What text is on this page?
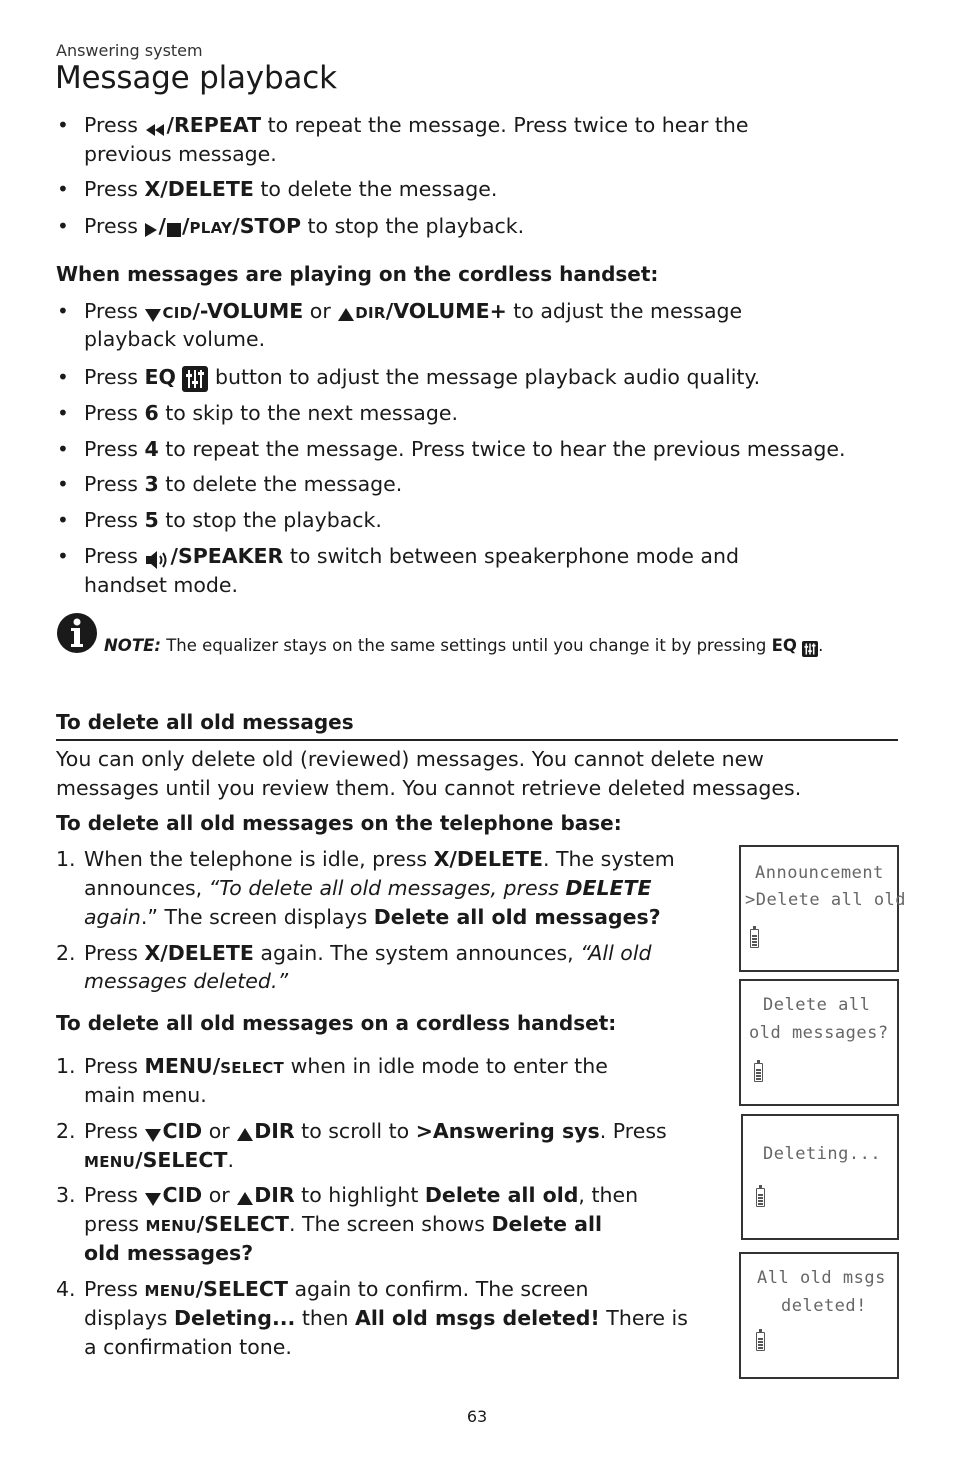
Answering system
Message playback
• Press /REPEAT to repeat the message. Press twice to hear the
previous message.
• Press X/DELETE to delete the message.
• Press / /PLAY/STOP to stop the playback.
When messages are playing on the cordless handset:
• Press CID/-VOLUME or DIR/VOLUME+ to adjust the message
playback volume.
• Press EQ  button to adjust the message playback audio quality.
• Press 6 to skip to the next message.
• Press 4 to repeat the message. Press twice to hear the previous message.
• Press 3 to delete the message.
• Press 5 to stop the playback.
• Press /SPEAKER to switch between speakerphone mode and
handset mode.
NOTE: The equalizer stays on the same settings until you change it by pressing EQ .
To delete all old messages
You can only delete old (reviewed) messages. You cannot delete new
messages until you review them. You cannot retrieve deleted messages.
To delete all old messages on the telephone base:
1. When the telephone is idle, press X/DELETE. The system
announces, “To delete all old messages, press DELETE
again.” The screen displays Delete all old messages?
2. Press X/DELETE again. The system announces, “All old
messages deleted.”
To delete all old messages on a cordless handset:
1. Press MENU/SELECT when in idle mode to enter the
main menu.
2. Press CID or DIR to scroll to >Answering sys. Press
MENU/SELECT.
3. Press CID or DIR to highlight Delete all old, then
press MENU/SELECT. The screen shows Delete all
old messages?
4. Press MENU/SELECT again to confirm. The screen
displays Deleting... then All old msgs deleted! There is
a confirmation tone.
Announcement
>Delete all old
Delete all
old messages?
Deleting...
All old msgs
deleted!
63
